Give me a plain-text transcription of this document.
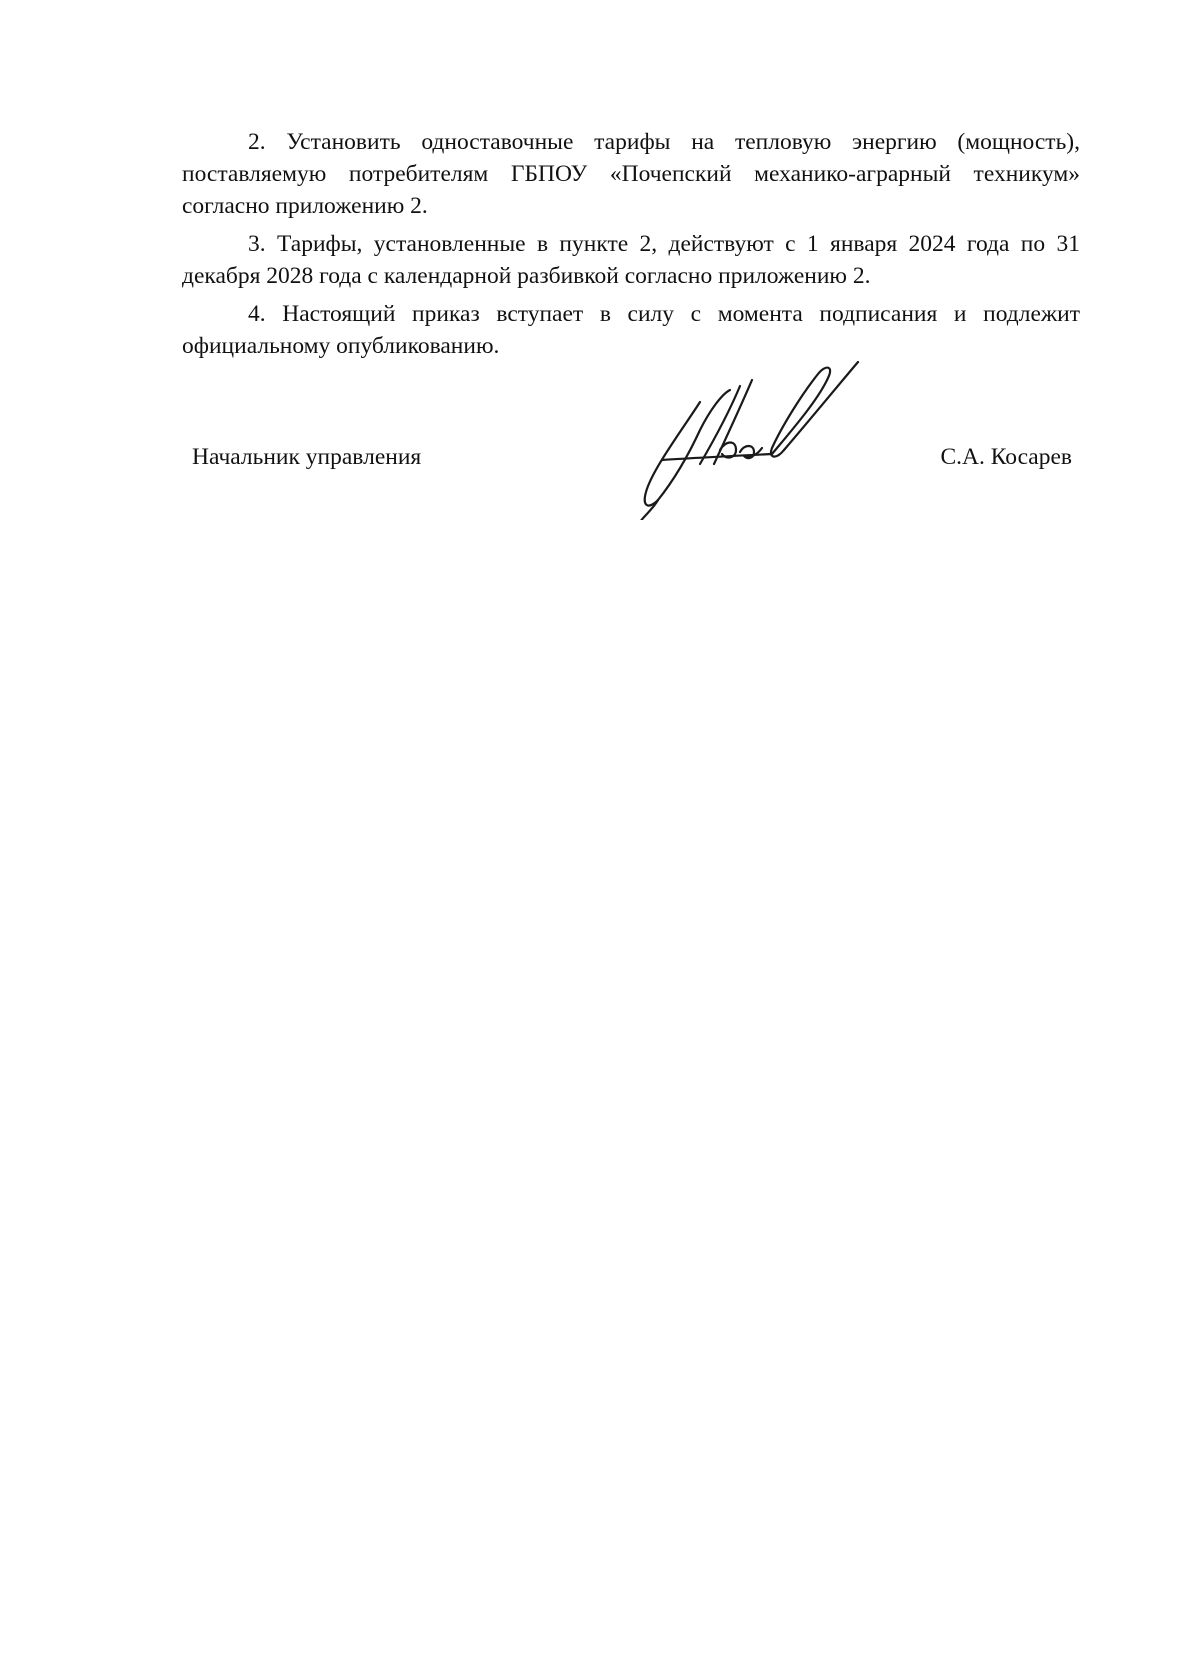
2. Установить одноставочные тарифы на тепловую энергию (мощность), поставляемую потребителям ГБПОУ «Почепский механико-аграрный техникум» согласно приложению 2.

3. Тарифы, установленные в пункте 2, действуют с 1 января 2024 года по 31 декабря 2028 года с календарной разбивкой согласно приложению 2.

4. Настоящий приказ вступает в силу с момента подписания и подлежит официальному опубликованию.

Начальник управления	С.А. Косарев
